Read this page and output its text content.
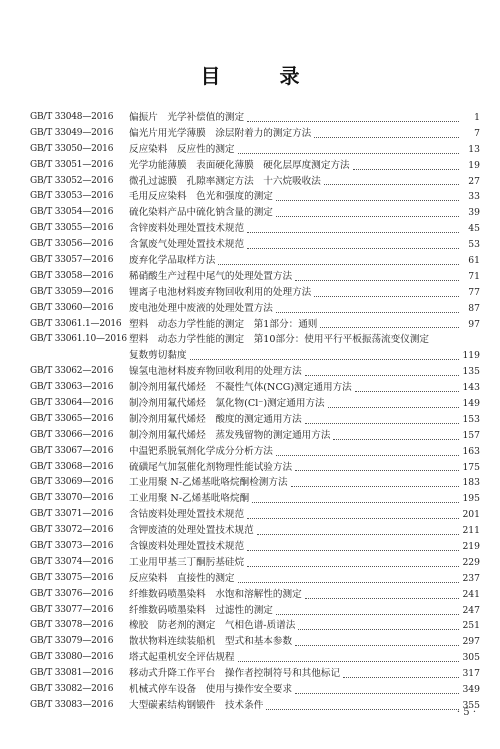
目 录
GB/T 33048—2016	偏振片　光学补偿值的测定	1
GB/T 33049—2016	偏光片用光学薄膜　涂层附着力的测定方法	7
GB/T 33050—2016	反应染料　反应性的测定	13
GB/T 33051—2016	光学功能薄膜　表面硬化薄膜　硬化层厚度测定方法	19
GB/T 33052—2016	微孔过滤膜　孔隙率测定方法　十六烷吸收法	27
GB/T 33053—2016	毛用反应染料　色光和强度的测定	33
GB/T 33054—2016	硫化染料产品中硫化钠含量的测定	39
GB/T 33055—2016	含锌废料处理处置技术规范	45
GB/T 33056—2016	含氰废气处理处置技术规范	53
GB/T 33057—2016	废弃化学品取样方法	61
GB/T 33058—2016	稀硝酸生产过程中尾气的处理处置方法	71
GB/T 33059—2016	锂离子电池材料废弃物回收利用的处理方法	77
GB/T 33060—2016	废电池处理中废液的处理处置方法	87
GB/T 33061.1—2016 塑料　动态力学性能的测定　第1部分：通则	97
GB/T 33061.10—2016 塑料　动态力学性能的测定　第10部分：使用平行平板振荡流变仪测定
复数剪切黏度	119
GB/T 33062—2016	镍氢电池材料废弃物回收利用的处理方法	135
GB/T 33063—2016	制冷剂用氟代烯烃　不凝性气体(NCG)测定通用方法	143
GB/T 33064—2016	制冷剂用氟代烯烃　氯化物(Cl⁻)测定通用方法	149
GB/T 33065—2016	制冷剂用氟代烯烃　酸度的测定通用方法	153
GB/T 33066—2016	制冷剂用氟代烯烃　蒸发残留物的测定通用方法	157
GB/T 33067—2016	中温钯系脱氧剂化学成分分析方法	163
GB/T 33068—2016	硫磺尾气加氢催化剂物理性能试验方法	175
GB/T 33069—2016	工业用聚 N-乙烯基吡咯烷酮检测方法	183
GB/T 33070—2016	工业用聚 N-乙烯基吡咯烷酮	195
GB/T 33071—2016	含钴废料处理处置技术规范	201
GB/T 33072—2016	含钾废渣的处理处置技术规范	211
GB/T 33073—2016	含镍废料处理处置技术规范	219
GB/T 33074—2016	工业用甲基三丁酮肟基硅烷	229
GB/T 33075—2016	反应染料　直接性的测定	237
GB/T 33076—2016	纤维数码喷墨染料　水饱和溶解性的测定	241
GB/T 33077—2016	纤维数码喷墨染料　过滤性的测定	247
GB/T 33078—2016	橡胶　防老剂的测定　气相色谱-质谱法	251
GB/T 33079—2016	散状物料连续装船机　型式和基本参数	297
GB/T 33080—2016	塔式起重机安全评估规程	305
GB/T 33081—2016	移动式升降工作平台　操作者控制符号和其他标记	317
GB/T 33082—2016	机械式停车设备　使用与操作安全要求	349
GB/T 33083—2016	大型碳素结构钢锻件　技术条件	355
· 5 ·
